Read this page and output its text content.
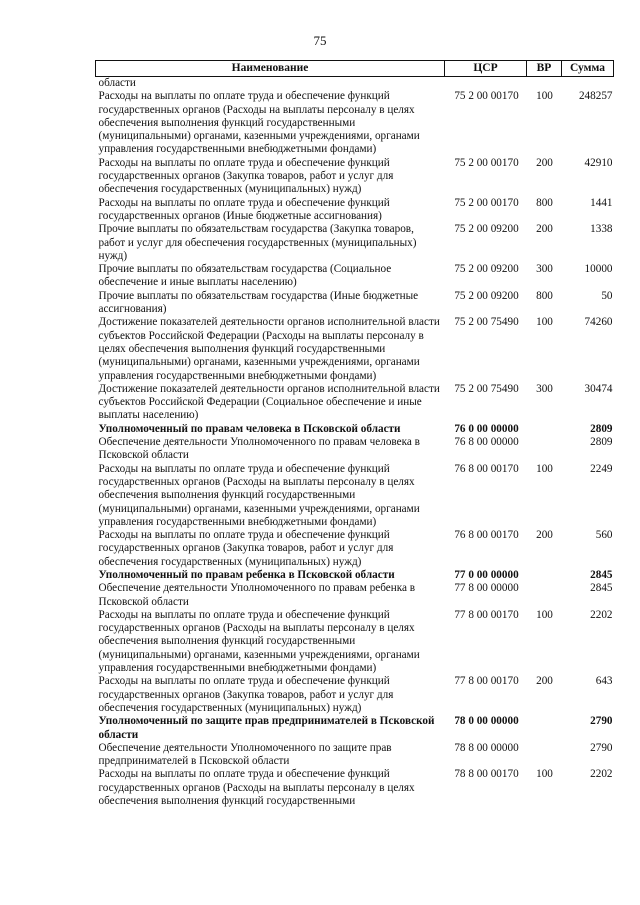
75
Наименование	ЦСР	ВР	Сумма
области			
Расходы на выплаты по оплате труда и обеспечение функций государственных органов (Расходы на выплаты персоналу в целях обеспечения выполнения функций государственными (муниципальными) органами, казенными учреждениями, органами управления государственными внебюджетными фондами)	75 2 00 00170	100	248257
Расходы на выплаты по оплате труда и обеспечение функций государственных органов (Закупка товаров, работ и услуг для обеспечения государственных (муниципальных) нужд)	75 2 00 00170	200	42910
Расходы на выплаты по оплате труда и обеспечение функций государственных органов (Иные бюджетные ассигнования)	75 2 00 00170	800	1441
Прочие выплаты по обязательствам государства (Закупка товаров, работ и услуг для обеспечения государственных (муниципальных) нужд)	75 2 00 09200	200	1338
Прочие выплаты по обязательствам государства (Социальное обеспечение и иные выплаты населению)	75 2 00 09200	300	10000
Прочие выплаты по обязательствам государства (Иные бюджетные ассигнования)	75 2 00 09200	800	50
Достижение показателей деятельности органов исполнительной власти субъектов Российской Федерации (Расходы на выплаты персоналу в целях обеспечения выполнения функций государственными (муниципальными) органами, казенными учреждениями, органами управления государственными внебюджетными фондами)	75 2 00 75490	100	74260
Достижение показателей деятельности органов исполнительной власти субъектов Российской Федерации (Социальное обеспечение и иные выплаты населению)	75 2 00 75490	300	30474
Уполномоченный по правам человека в Псковской области	76 0 00 00000		2809
Обеспечение деятельности Уполномоченного по правам человека в Псковской области	76 8 00 00000		2809
Расходы на выплаты по оплате труда и обеспечение функций государственных органов (Расходы на выплаты персоналу в целях обеспечения выполнения функций государственными (муниципальными) органами, казенными учреждениями, органами управления государственными внебюджетными фондами)	76 8 00 00170	100	2249
Расходы на выплаты по оплате труда и обеспечение функций государственных органов (Закупка товаров, работ и услуг для обеспечения государственных (муниципальных) нужд)	76 8 00 00170	200	560
Уполномоченный по правам ребенка в Псковской области	77 0 00 00000		2845
Обеспечение деятельности Уполномоченного по правам ребенка в Псковской области	77 8 00 00000		2845
Расходы на выплаты по оплате труда и обеспечение функций государственных органов (Расходы на выплаты персоналу в целях обеспечения выполнения функций государственными (муниципальными) органами, казенными учреждениями, органами управления государственными внебюджетными фондами)	77 8 00 00170	100	2202
Расходы на выплаты по оплате труда и обеспечение функций государственных органов (Закупка товаров, работ и услуг для обеспечения государственных (муниципальных) нужд)	77 8 00 00170	200	643
Уполномоченный по защите прав предпринимателей в Псковской области	78 0 00 00000		2790
Обеспечение деятельности Уполномоченного по защите прав предпринимателей в Псковской области	78 8 00 00000		2790
Расходы на выплаты по оплате труда и обеспечение функций государственных органов (Расходы на выплаты персоналу в целях обеспечения выполнения функций государственными	78 8 00 00170	100	2202
